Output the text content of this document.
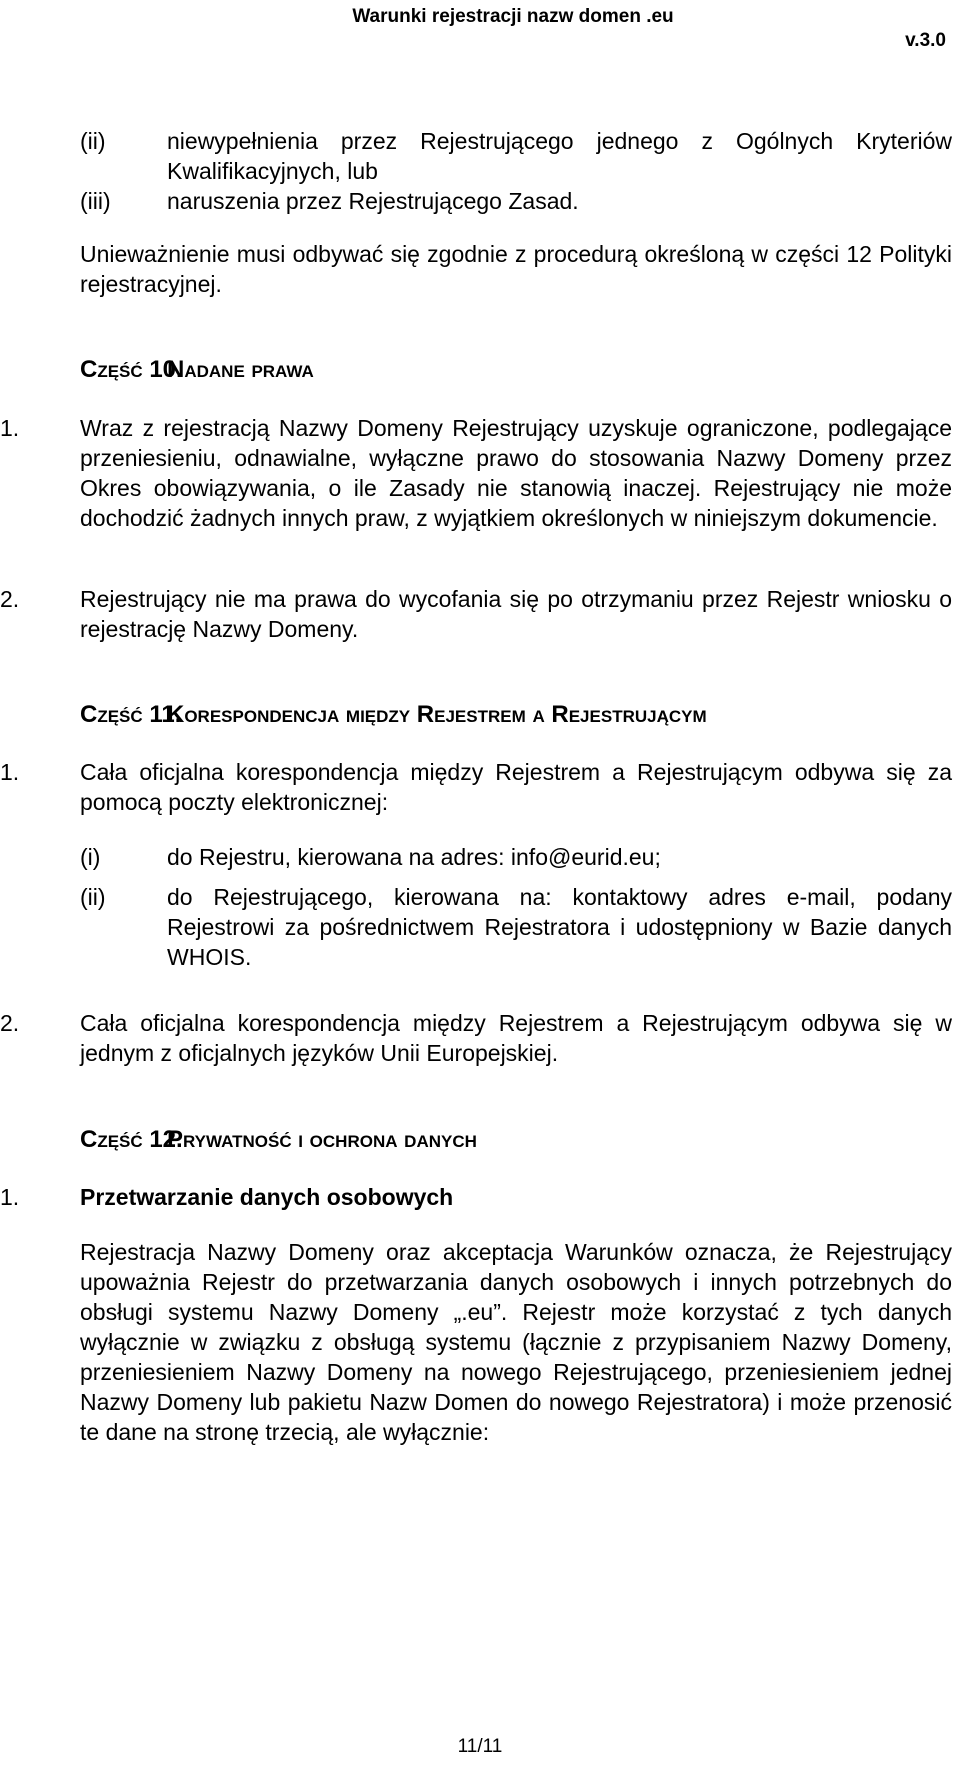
Warunki rejestracji nazw domen .eu
v.3.0
(ii)	niewypełnienia przez Rejestrującego jednego z Ogólnych Kryteriów Kwalifikacyjnych, lub
(iii) naruszenia przez Rejestrującego Zasad.
Unieważnienie musi odbywać się zgodnie z procedurą określoną w części 12 Polityki rejestracyjnej.
Część 10.
Nadane prawa
1.	Wraz z rejestracją Nazwy Domeny Rejestrujący uzyskuje ograniczone, podlegające przeniesieniu, odnawialne, wyłączne prawo do stosowania Nazwy Domeny przez Okres obowiązywania, o ile Zasady nie stanowią inaczej. Rejestrujący nie może dochodzić żadnych innych praw, z wyjątkiem określonych w niniejszym dokumencie.
2.	Rejestrujący nie ma prawa do wycofania się po otrzymaniu przez Rejestr wniosku o rejestrację Nazwy Domeny.
Część 11.
Korespondencja między Rejestrem a Rejestrującym
1.	Cała oficjalna korespondencja między Rejestrem a Rejestrującym odbywa się za pomocą poczty elektronicznej:
(i)	do Rejestru, kierowana na adres: info@eurid.eu;
(ii)	do Rejestrującego, kierowana na: kontaktowy adres e-mail, podany Rejestrowi za pośrednictwem Rejestratora i udostępniony w Bazie danych WHOIS.
2.	Cała oficjalna korespondencja między Rejestrem a Rejestrującym odbywa się w jednym z oficjalnych języków Unii Europejskiej.
Część 12.
Prywatność i ochrona danych
1.	Przetwarzanie danych osobowych
Rejestracja Nazwy Domeny oraz akceptacja Warunków oznacza, że Rejestrujący upoważnia Rejestr do przetwarzania danych osobowych i innych potrzebnych do obsługi systemu Nazwy Domeny „.eu”. Rejestr może korzystać z tych danych wyłącznie w związku z obsługą systemu (łącznie z przypisaniem Nazwy Domeny, przeniesieniem Nazwy Domeny na nowego Rejestrującego, przeniesieniem jednej Nazwy Domeny lub pakietu Nazw Domen do nowego Rejestratora) i może przenosić te dane na stronę trzecią, ale wyłącznie:
11/11
